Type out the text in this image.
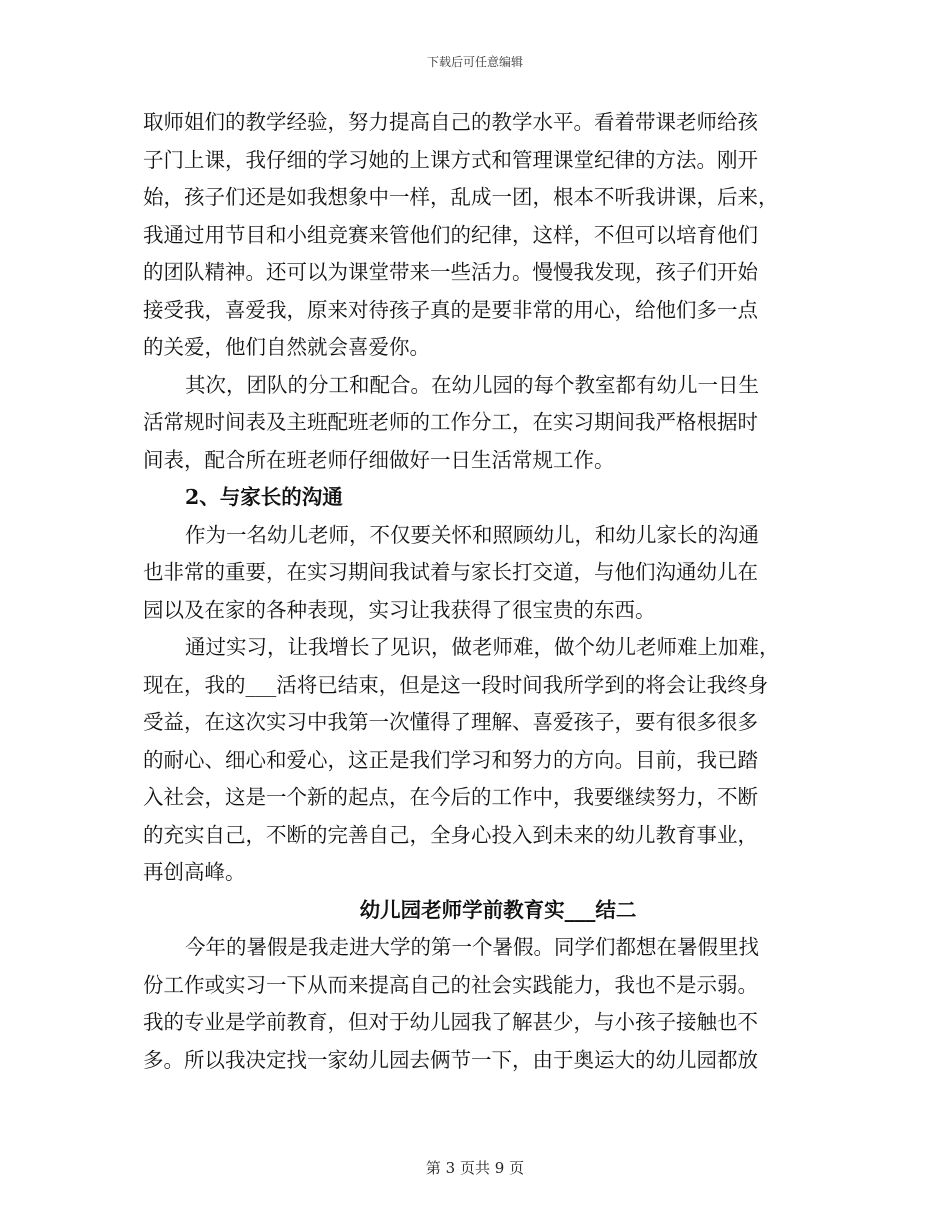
下载后可任意编辑
取师姐们的教学经验，努力提高自己的教学水平。看着带课老师给孩
子门上课，我仔细的学习她的上课方式和管理课堂纪律的方法。刚开
始，孩子们还是如我想象中一样，乱成一团，根本不听我讲课，后来，
我通过用节目和小组竞赛来管他们的纪律，这样，不但可以培育他们
的团队精神。还可以为课堂带来一些活力。慢慢我发现，孩子们开始
接受我，喜爱我，原来对待孩子真的是要非常的用心，给他们多一点
的关爱，他们自然就会喜爱你。
其次，团队的分工和配合。在幼儿园的每个教室都有幼儿一日生
活常规时间表及主班配班老师的工作分工，在实习期间我严格根据时
间表，配合所在班老师仔细做好一日生活常规工作。
2、与家长的沟通
作为一名幼儿老师，不仅要关怀和照顾幼儿，和幼儿家长的沟通
也非常的重要，在实习期间我试着与家长打交道，与他们沟通幼儿在
园以及在家的各种表现，实习让我获得了很宝贵的东西。
通过实习，让我增长了见识，做老师难，做个幼儿老师难上加难，
现在，我的___活将已结束，但是这一段时间我所学到的将会让我终身
受益，在这次实习中我第一次懂得了理解、喜爱孩子，要有很多很多
的耐心、细心和爱心，这正是我们学习和努力的方向。目前，我已踏
入社会，这是一个新的起点，在今后的工作中，我要继续努力，不断
的充实自己，不断的完善自己，全身心投入到未来的幼儿教育事业，
再创高峰。
幼儿园老师学前教育实___结二
今年的暑假是我走进大学的第一个暑假。同学们都想在暑假里找
份工作或实习一下从而来提高自己的社会实践能力，我也不是示弱。
我的专业是学前教育，但对于幼儿园我了解甚少，与小孩子接触也不
多。所以我决定找一家幼儿园去俩节一下，由于奥运大的幼儿园都放
第 3 页共 9 页
